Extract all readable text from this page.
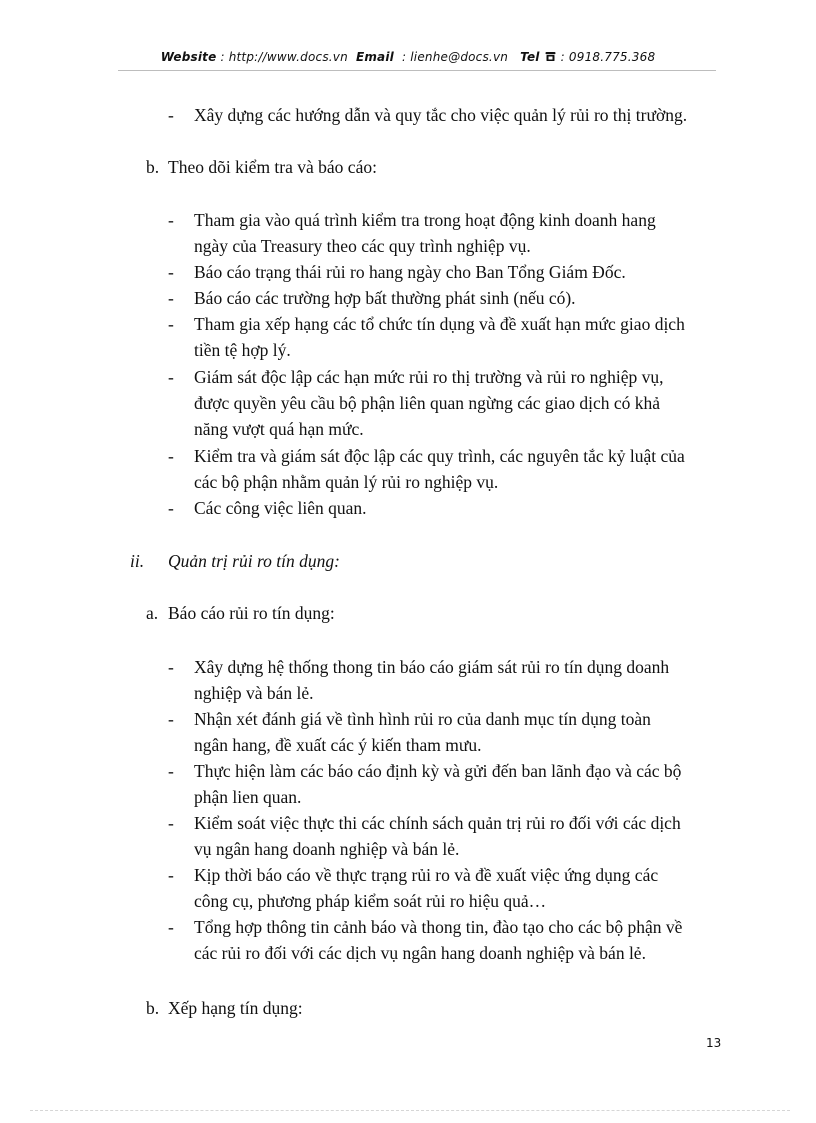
Website : http://www.docs.vn Email : lienhe@docs.vn Tel : 0918.775.368
- Xây dựng các hướng dẫn và quy tắc cho việc quản lý rủi ro thị trường.
b. Theo dõi kiểm tra và báo cáo:
- Tham gia vào quá trình kiểm tra trong hoạt động kinh doanh hang
ngày của Treasury theo các quy trình nghiệp vụ.
- Báo cáo trạng thái rủi ro hang ngày cho Ban Tổng Giám Đốc.
- Báo cáo các trường hợp bất thường phát sinh (nếu có).
- Tham gia xếp hạng các tổ chức tín dụng và đề xuất hạn mức giao dịch
tiền tệ hợp lý.
- Giám sát độc lập các hạn mức rủi ro thị trường và rủi ro nghiệp vụ,
được quyền yêu cầu bộ phận liên quan ngừng các giao dịch có khả
năng vượt quá hạn mức.
- Kiểm tra và giám sát độc lập các quy trình, các nguyên tắc kỷ luật của
các bộ phận nhằm quản lý rủi ro nghiệp vụ.
- Các công việc liên quan.
ii. Quản trị rủi ro tín dụng:
a. Báo cáo rủi ro tín dụng:
- Xây dựng hệ thống thong tin báo cáo giám sát rủi ro tín dụng doanh
nghiệp và bán lẻ.
- Nhận xét đánh giá về tình hình rủi ro của danh mục tín dụng toàn
ngân hang, đề xuất các ý kiến tham mưu.
- Thực hiện làm các báo cáo định kỳ và gửi đến ban lãnh đạo và các bộ
phận lien quan.
- Kiểm soát việc thực thi các chính sách quản trị rủi ro đối với các dịch
vụ ngân hang doanh nghiệp và bán lẻ.
- Kịp thời báo cáo về thực trạng rủi ro và đề xuất việc ứng dụng các
công cụ, phương pháp kiểm soát rủi ro hiệu quả…
- Tổng hợp thông tin cảnh báo và thong tin, đào tạo cho các bộ phận về
các rủi ro đối với các dịch vụ ngân hang doanh nghiệp và bán lẻ.
b. Xếp hạng tín dụng:
13
